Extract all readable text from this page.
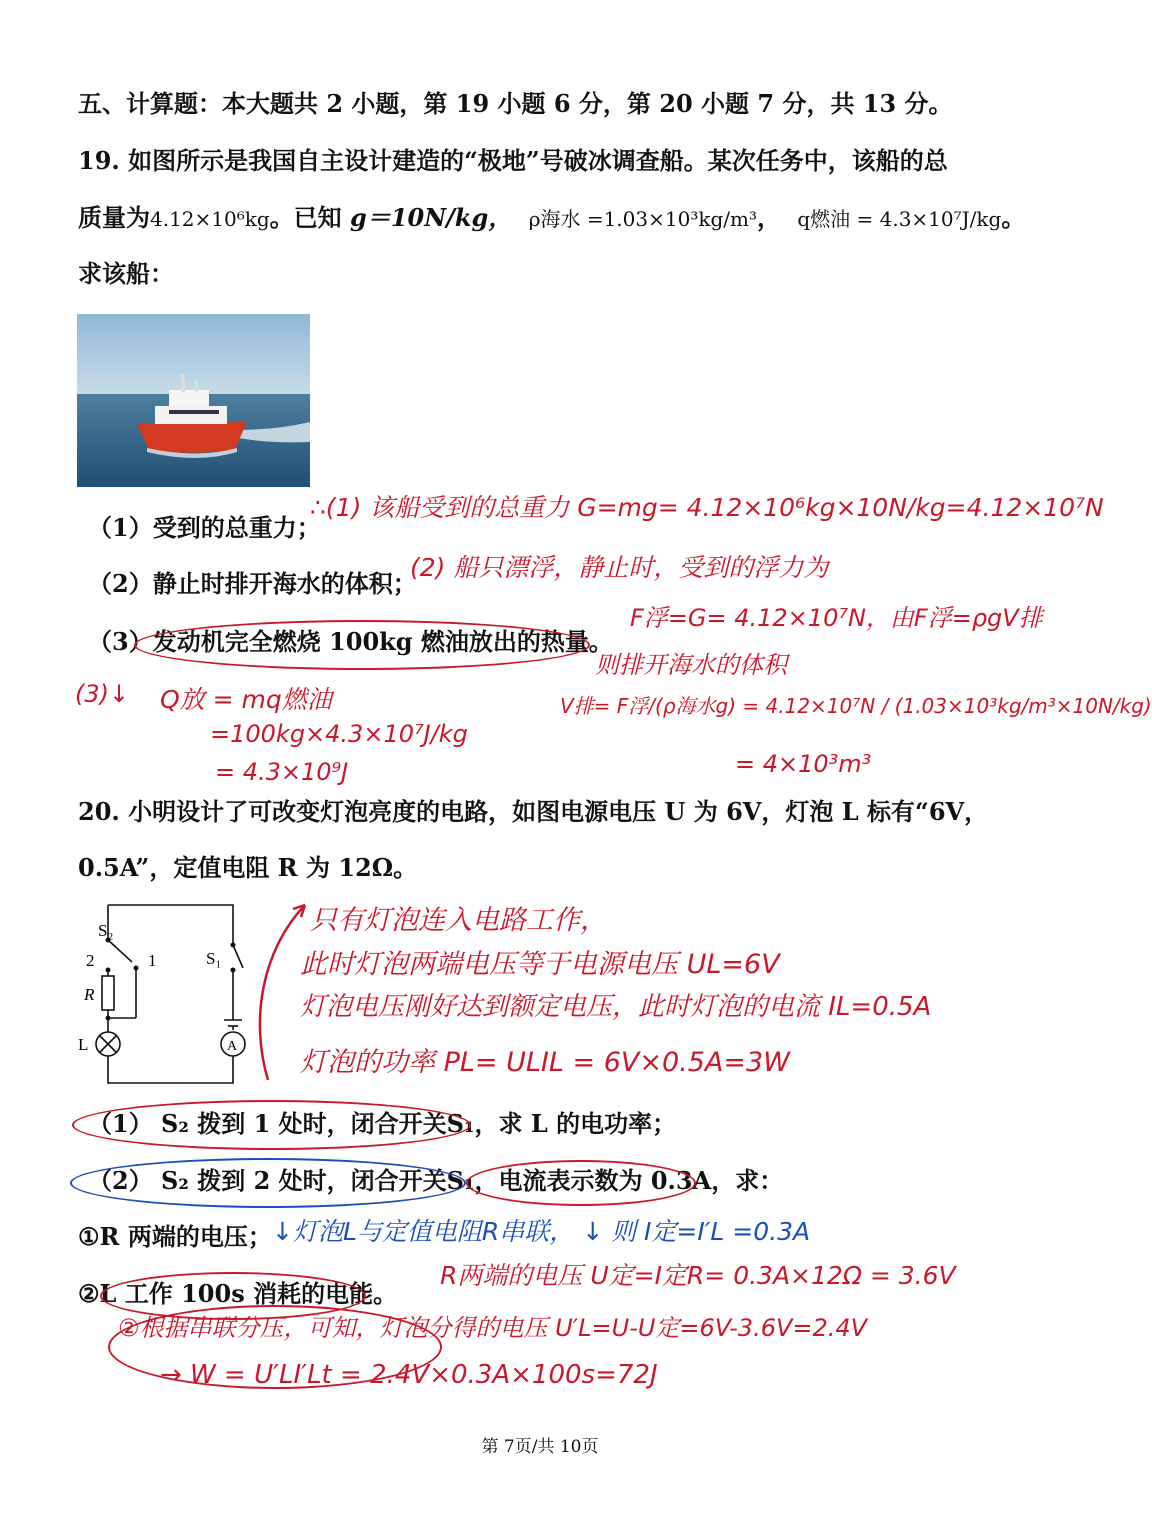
五、计算题：本大题共 2 小题，第 19 小题 6 分，第 20 小题 7 分，共 13 分。
19. 如图所示是我国自主设计建造的“极地”号破冰调查船。某次任务中，该船的总
质量为4.12×10⁶kg。已知 g＝10N/kg， ρ海水 =1.03×10³kg/m³， q燃油 = 4.3×10⁷J/kg。
求该船：
（1）受到的总重力；
（2）静止时排开海水的体积；
（3）发动机完全燃烧 100kg 燃油放出的热量。
20. 小明设计了可改变灯泡亮度的电路，如图电源电压 U 为 6V，灯泡 L 标有“6V，
0.5A”，定值电阻 R 为 12Ω。
S₂
2	1	S₁
R
L	A
（1） S₂ 拨到 1 处时，闭合开关S₁，求 L 的电功率；
（2） S₂ 拨到 2 处时，闭合开关S₁，电流表示数为 0.3A，求：
①R 两端的电压；
②L 工作 100s 消耗的电能。
∴(1) 该船受到的总重力 G=mg= 4.12×10⁶kg×10N/kg=4.12×10⁷N
(2) 船只漂浮，静止时，受到的浮力为
F浮=G= 4.12×10⁷N，由F浮=ρgV排
则排开海水的体积
V排= F浮/(ρ海水g) = 4.12×10⁷N / (1.03×10³kg/m³×10N/kg)
= 4×10³m³
(3)↓ Q放 = mq燃油
=100kg×4.3×10⁷J/kg
= 4.3×10⁹J
只有灯泡连入电路工作，
此时灯泡两端电压等于电源电压 UL=6V
灯泡电压刚好达到额定电压，此时灯泡的电流 IL=0.5A
灯泡的功率 PL= ULIL = 6V×0.5A=3W
↓灯泡L与定值电阻R串联， ↓ 则 I定=I′L =0.3A
R两端的电压 U定=I定R= 0.3A×12Ω = 3.6V
②根据串联分压，可知，灯泡分得的电压 U′L=U-U定=6V-3.6V=2.4V
→ W = U′LI′Lt = 2.4V×0.3A×100s=72J
第 7页/共 10页
